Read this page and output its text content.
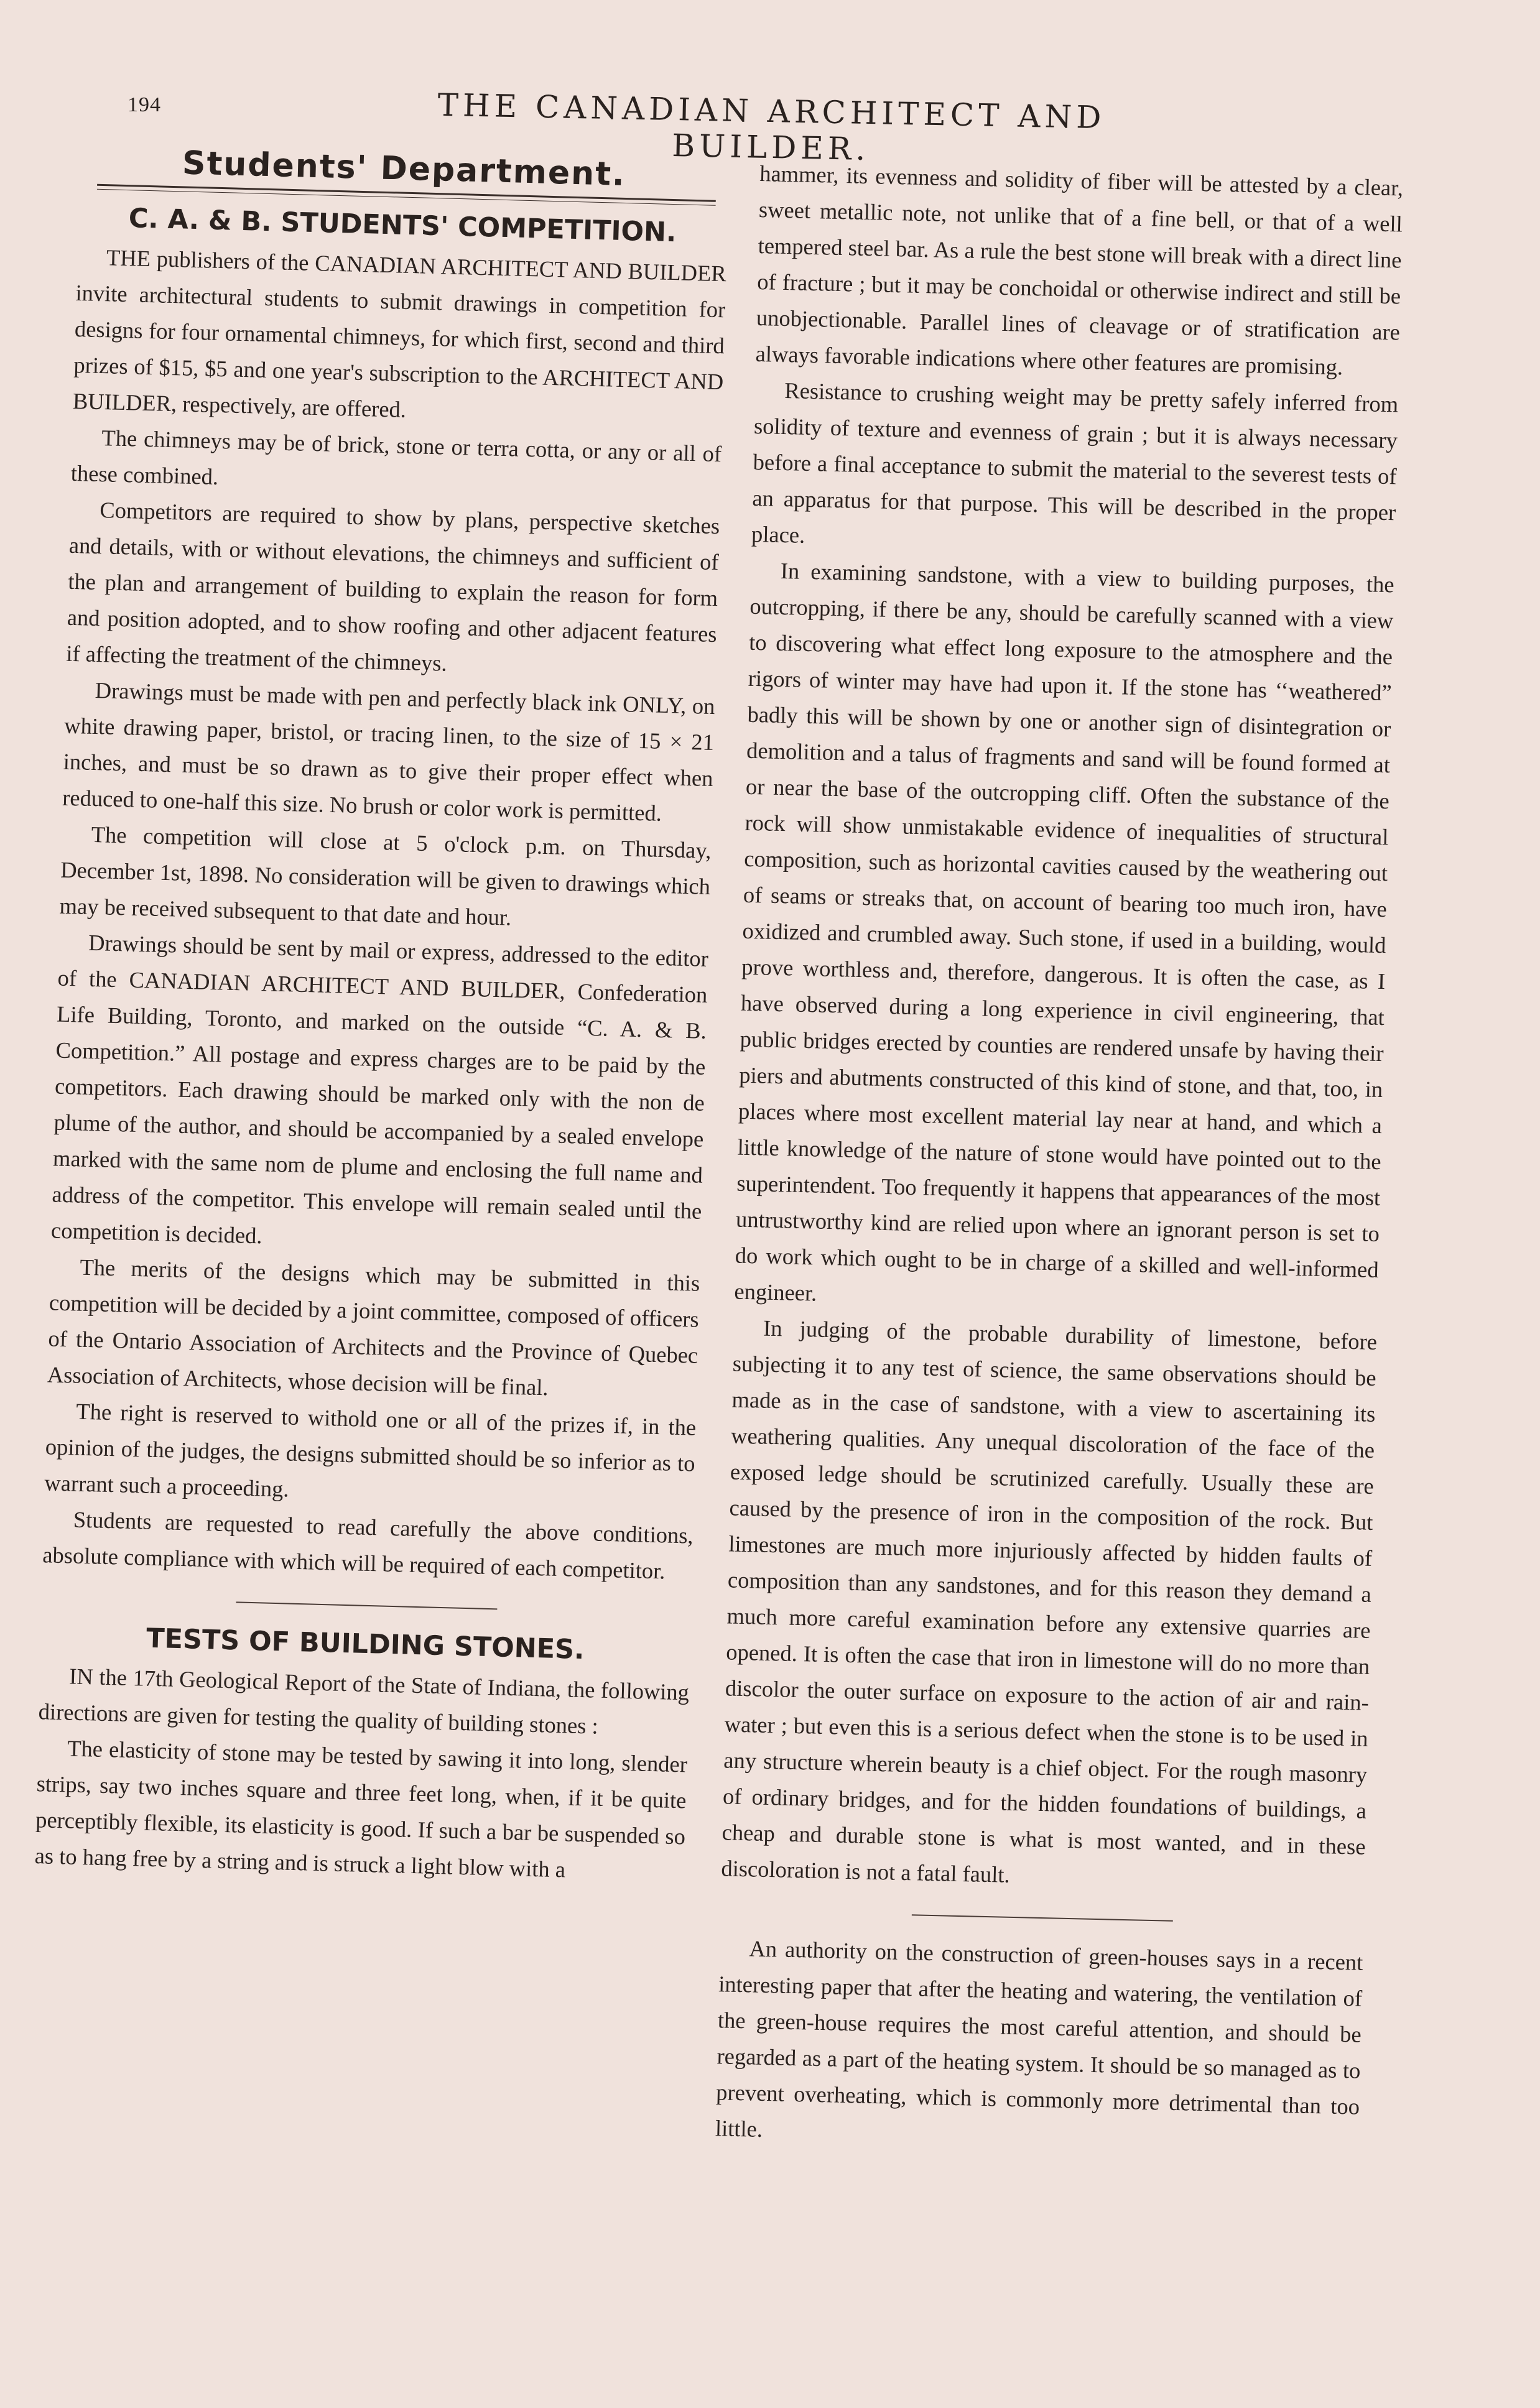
194	THE CANADIAN ARCHITECT AND BUILDER.
Students' Department.
C. A. & B. STUDENTS' COMPETITION.

THE publishers of the CANADIAN ARCHITECT AND BUILDER invite architectural students to submit drawings in competition for designs for four ornamental chimneys, for which first, second and third prizes of $15, $5 and one year's subscription to the ARCHITECT AND BUILDER, respectively, are offered.

The chimneys may be of brick, stone or terra cotta, or any or all of these combined.

Competitors are required to show by plans, perspective sketches and details, with or without elevations, the chimneys and sufficient of the plan and arrangement of building to explain the reason for form and position adopted, and to show roofing and other adjacent features if affecting the treatment of the chimneys.

Drawings must be made with pen and perfectly black ink ONLY, on white drawing paper, bristol, or tracing linen, to the size of 15 × 21 inches, and must be so drawn as to give their proper effect when reduced to one-half this size. No brush or color work is permitted.

The competition will close at 5 o'clock p.m. on Thursday, December 1st, 1898. No consideration will be given to drawings which may be received subsequent to that date and hour.

Drawings should be sent by mail or express, addressed to the editor of the CANADIAN ARCHITECT AND BUILDER, Confederation Life Building, Toronto, and marked on the outside “C. A. & B. Competition.” All postage and express charges are to be paid by the competitors. Each drawing should be marked only with the non de plume of the author, and should be accompanied by a sealed envelope marked with the same nom de plume and enclosing the full name and address of the competitor. This envelope will remain sealed until the competition is decided.

The merits of the designs which may be submitted in this competition will be decided by a joint committee, composed of officers of the Ontario Association of Architects and the Province of Quebec Association of Architects, whose decision will be final.

The right is reserved to withold one or all of the prizes if, in the opinion of the judges, the designs submitted should be so inferior as to warrant such a proceeding.

Students are requested to read carefully the above conditions, absolute compliance with which will be required of each competitor.

TESTS OF BUILDING STONES.

IN the 17th Geological Report of the State of Indiana, the following directions are given for testing the quality of building stones :

The elasticity of stone may be tested by sawing it into long, slender strips, say two inches square and three feet long, when, if it be quite perceptibly flexible, its elasticity is good. If such a bar be suspended so as to hang free by a string and is struck a light blow with a

hammer, its evenness and solidity of fiber will be attested by a clear, sweet metallic note, not unlike that of a fine bell, or that of a well tempered steel bar. As a rule the best stone will break with a direct line of fracture ; but it may be conchoidal or otherwise indirect and still be unobjectionable. Parallel lines of cleavage or of stratification are always favorable indications where other features are promising.

Resistance to crushing weight may be pretty safely inferred from solidity of texture and evenness of grain ; but it is always necessary before a final acceptance to submit the material to the severest tests of an apparatus for that purpose. This will be described in the proper place.

In examining sandstone, with a view to building purposes, the outcropping, if there be any, should be carefully scanned with a view to discovering what effect long exposure to the atmosphere and the rigors of winter may have had upon it. If the stone has ‘‘weathered” badly this will be shown by one or another sign of disintegration or demolition and a talus of fragments and sand will be found formed at or near the base of the outcropping cliff. Often the substance of the rock will show unmistakable evidence of inequalities of structural composition, such as horizontal cavities caused by the weathering out of seams or streaks that, on account of bearing too much iron, have oxidized and crumbled away. Such stone, if used in a building, would prove worthless and, therefore, dangerous. It is often the case, as I have observed during a long experience in civil engineering, that public bridges erected by counties are rendered unsafe by having their piers and abutments constructed of this kind of stone, and that, too, in places where most excellent material lay near at hand, and which a little knowledge of the nature of stone would have pointed out to the superintendent. Too frequently it happens that appearances of the most untrustworthy kind are relied upon where an ignorant person is set to do work which ought to be in charge of a skilled and well-informed engineer.

In judging of the probable durability of limestone, before subjecting it to any test of science, the same observations should be made as in the case of sandstone, with a view to ascertaining its weathering qualities. Any unequal discoloration of the face of the exposed ledge should be scrutinized carefully. Usually these are caused by the presence of iron in the composition of the rock. But limestones are much more injuriously affected by hidden faults of composition than any sandstones, and for this reason they demand a much more careful examination before any extensive quarries are opened. It is often the case that iron in limestone will do no more than discolor the outer surface on exposure to the action of air and rain-water ; but even this is a serious defect when the stone is to be used in any structure wherein beauty is a chief object. For the rough masonry of ordinary bridges, and for the hidden foundations of buildings, a cheap and durable stone is what is most wanted, and in these discoloration is not a fatal fault.

An authority on the construction of green-houses says in a recent interesting paper that after the heating and watering, the ventilation of the green-house requires the most careful attention, and should be regarded as a part of the heating system. It should be so managed as to prevent overheating, which is commonly more detrimental than too little.
